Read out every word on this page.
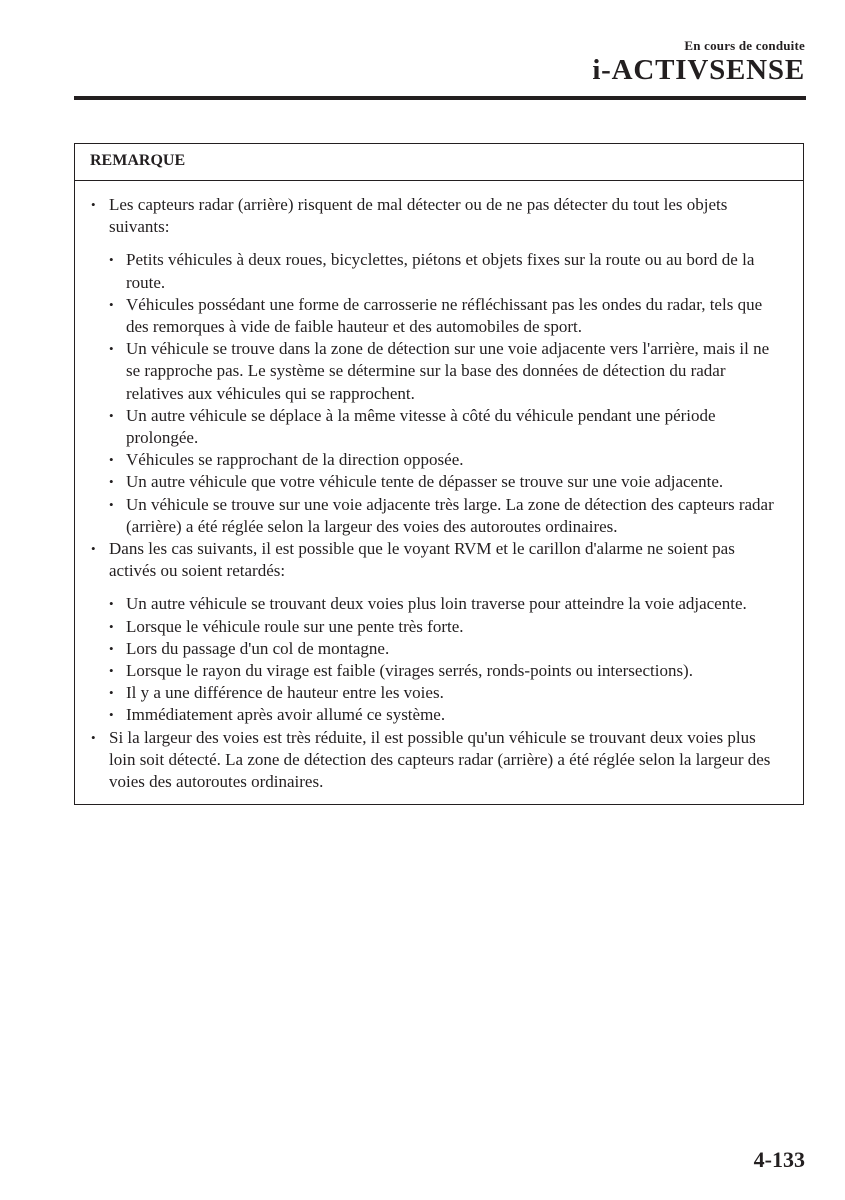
En cours de conduite
i-ACTIVSENSE
REMARQUE
• Les capteurs radar (arrière) risquent de mal détecter ou de ne pas détecter du tout les objets suivants:
• Petits véhicules à deux roues, bicyclettes, piétons et objets fixes sur la route ou au bord de la route.
• Véhicules possédant une forme de carrosserie ne réfléchissant pas les ondes du radar, tels que des remorques à vide de faible hauteur et des automobiles de sport.
• Un véhicule se trouve dans la zone de détection sur une voie adjacente vers l'arrière, mais il ne se rapproche pas. Le système se détermine sur la base des données de détection du radar relatives aux véhicules qui se rapprochent.
• Un autre véhicule se déplace à la même vitesse à côté du véhicule pendant une période prolongée.
• Véhicules se rapprochant de la direction opposée.
• Un autre véhicule que votre véhicule tente de dépasser se trouve sur une voie adjacente.
• Un véhicule se trouve sur une voie adjacente très large. La zone de détection des capteurs radar (arrière) a été réglée selon la largeur des voies des autoroutes ordinaires.
• Dans les cas suivants, il est possible que le voyant RVM et le carillon d'alarme ne soient pas activés ou soient retardés:
• Un autre véhicule se trouvant deux voies plus loin traverse pour atteindre la voie adjacente.
• Lorsque le véhicule roule sur une pente très forte.
• Lors du passage d'un col de montagne.
• Lorsque le rayon du virage est faible (virages serrés, ronds-points ou intersections).
• Il y a une différence de hauteur entre les voies.
• Immédiatement après avoir allumé ce système.
• Si la largeur des voies est très réduite, il est possible qu'un véhicule se trouvant deux voies plus loin soit détecté. La zone de détection des capteurs radar (arrière) a été réglée selon la largeur des voies des autoroutes ordinaires.
4-133
